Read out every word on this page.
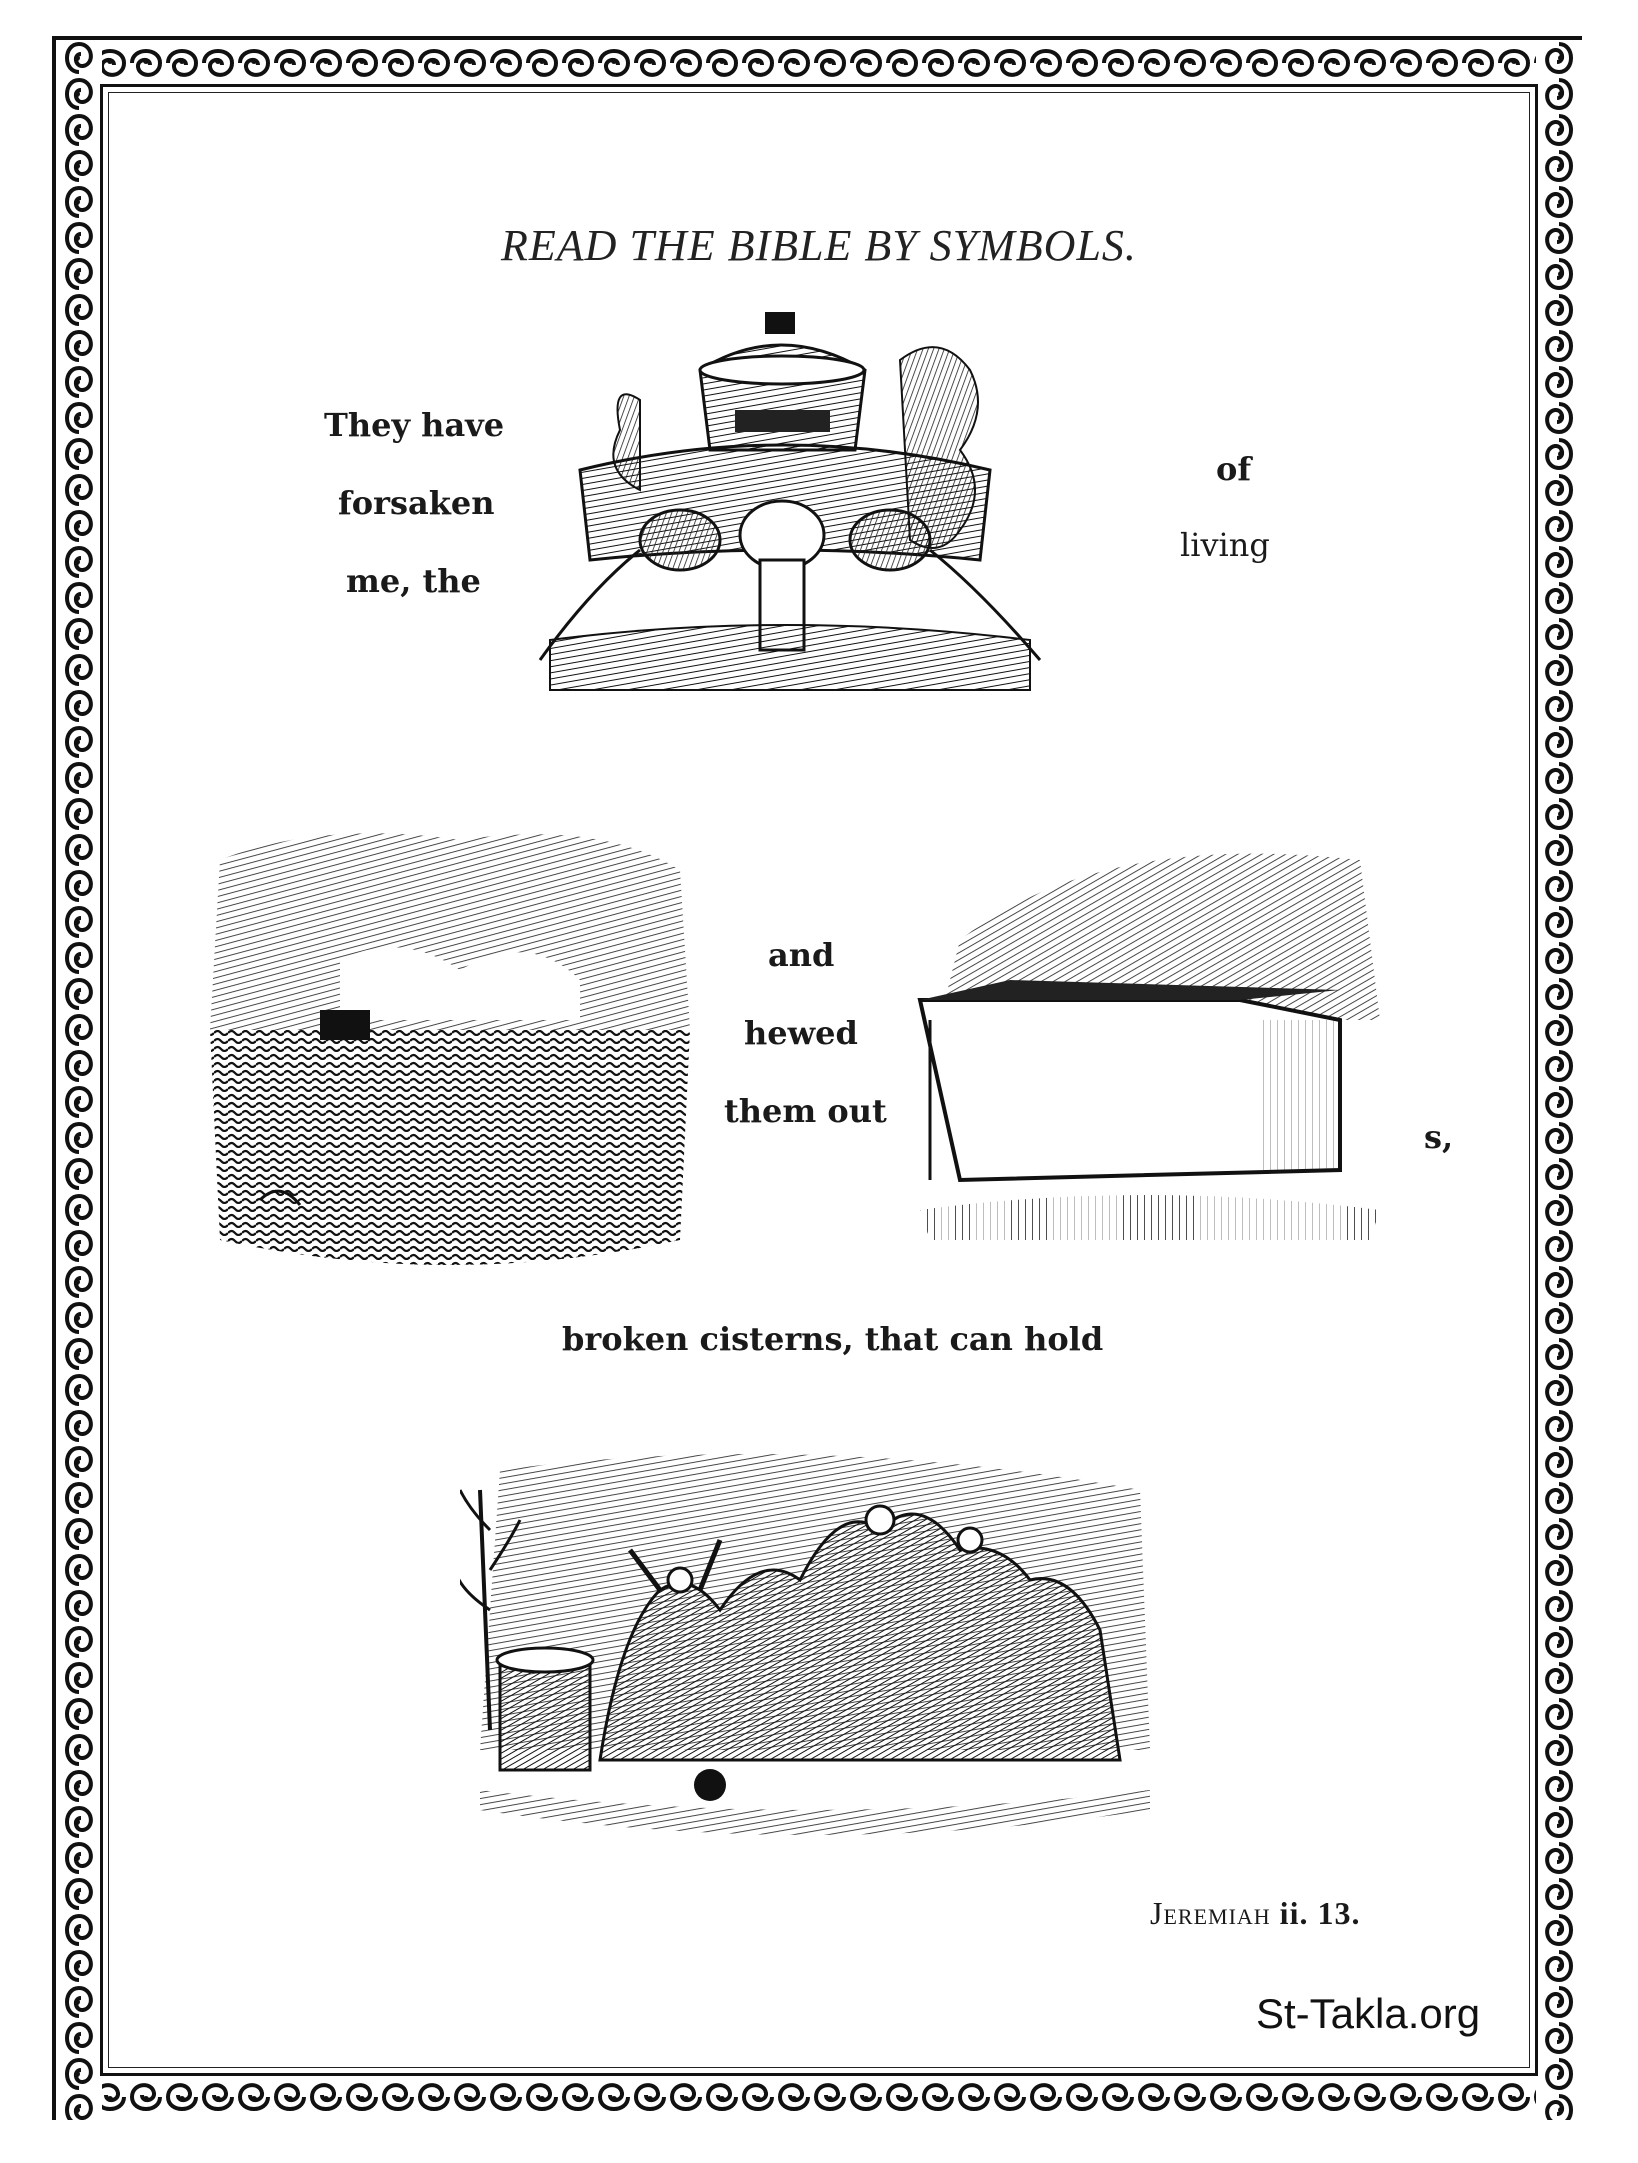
READ THE BIBLE BY SYMBOLS.
They have
forsaken
me, the
of
living
and
hewed
them out
s,
broken cisterns, that can hold
Jeremiah ii. 13.
St-Takla.org
